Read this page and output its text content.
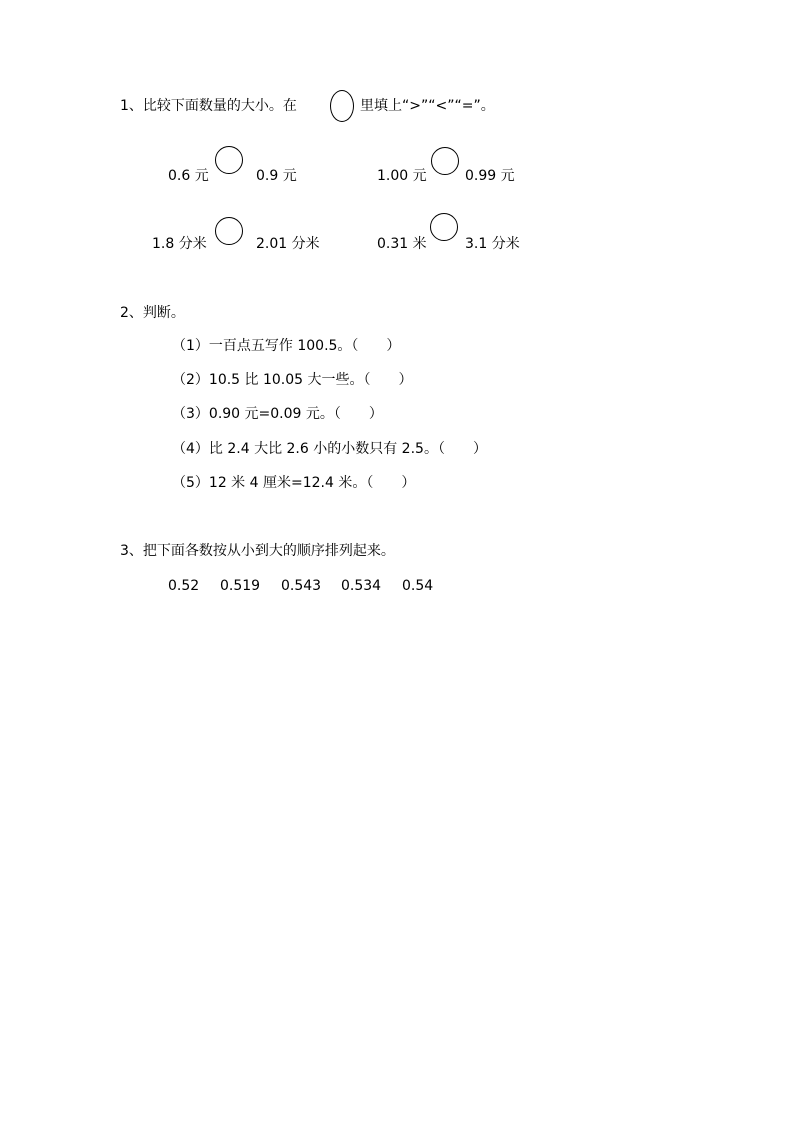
1、比较下面数量的大小。在	里填上“>”“<”“=”。
0.6 元	0.9 元	1.00 元	0.99 元
1.8 分米	2.01 分米	0.31 米	3.1 分米
2、判断。
（1）一百点五写作 100.5。（　　）
（2）10.5 比 10.05 大一些。（　　）
（3）0.90 元=0.09 元。（　　）
（4）比 2.4 大比 2.6 小的小数只有 2.5。（　　）
（5）12 米 4 厘米=12.4 米。（　　）
3、把下面各数按从小到大的顺序排列起来。
0.52 0.519 0.543 0.534 0.54
